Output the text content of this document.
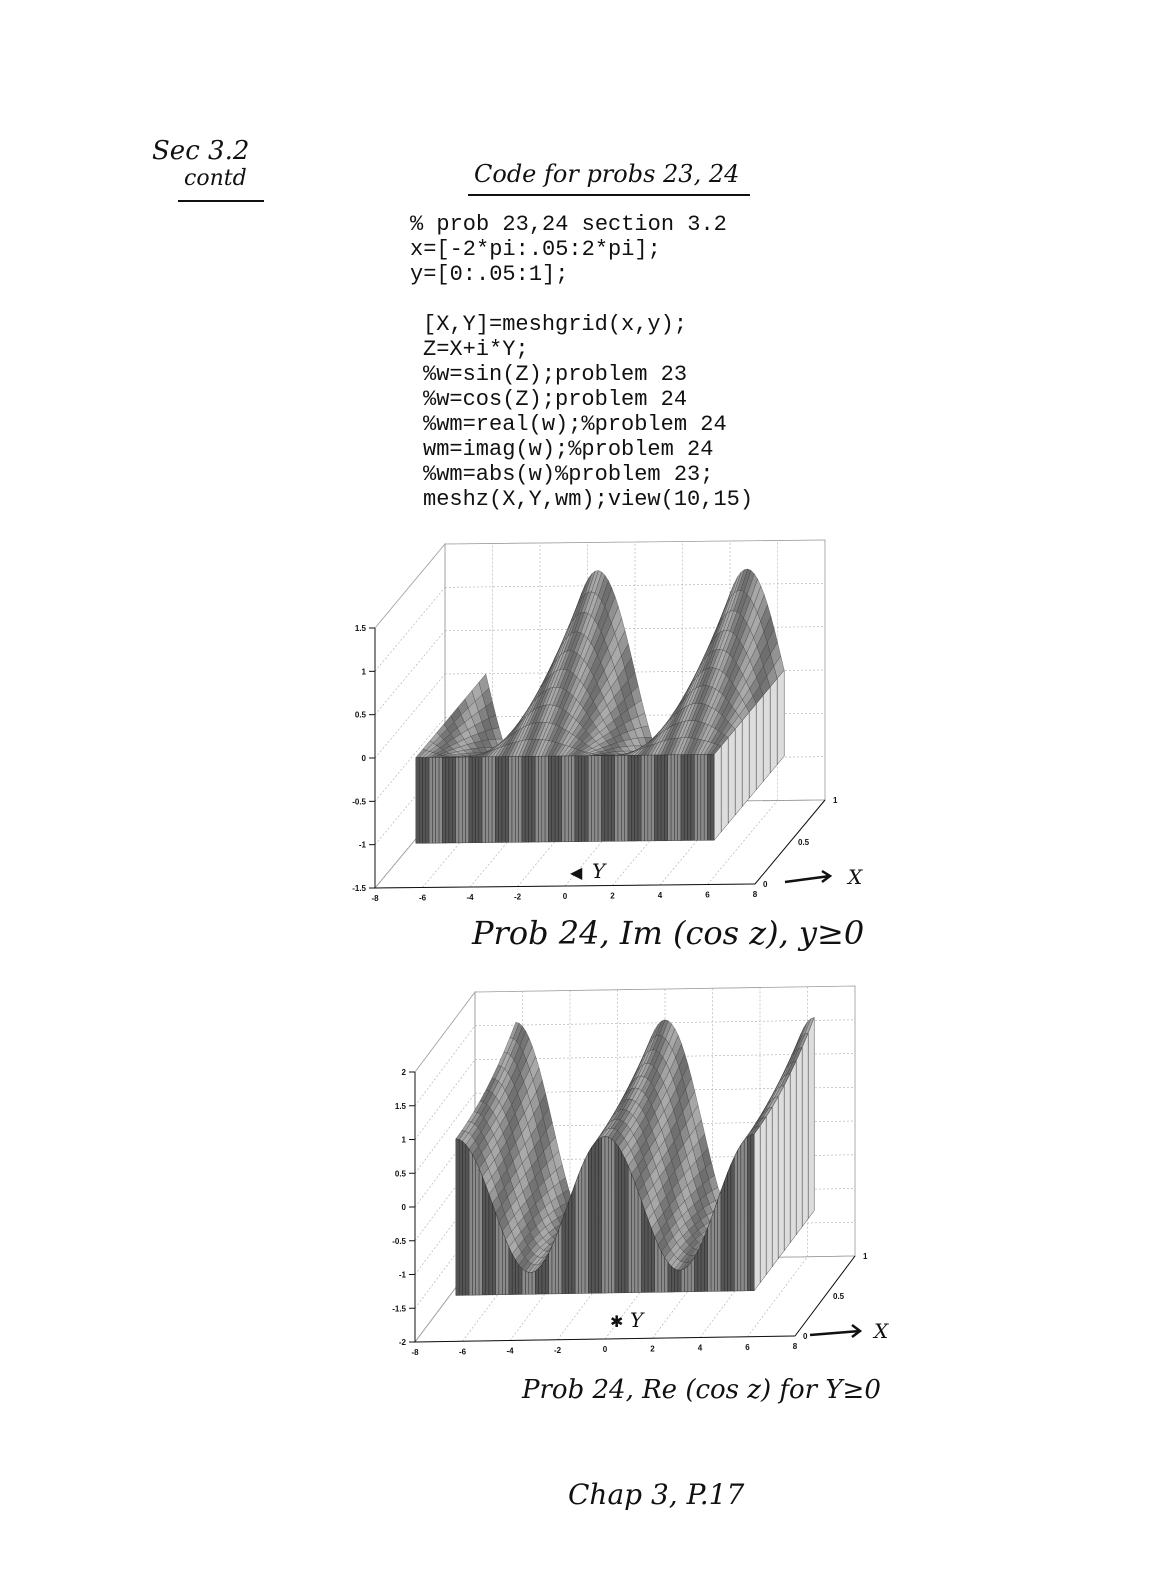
Sec 3.2
contd	Code for probs 23, 24
% prob 23,24 section 3.2
x=[-2*pi:.05:2*pi];
y=[0:.05:1];
[X,Y]=meshgrid(x,y);
Z=X+i*Y;
%w=sin(Z);problem 23
%w=cos(Z);problem 24
%wm=real(w);%problem 24
wm=imag(w);%problem 24
%wm=abs(w)%problem 23;
meshz(X,Y,wm);view(10,15)
1.5
1
0.5
0
-0.5
-1
-1.5
-8	-6	-4	-2	0	2	4	6	8
0
0.5
1
Y
◀	X
Prob 24, Im (cos z), y≥0
2
1.5
1
0.5
0
-0.5
-1
-1.5
-2
-8	-6	-4	-2	0	2	4	6	8
0
0.5
1
Y
✱	X
Prob 24, Re (cos z) for Y≥0
Chap 3, P.17
